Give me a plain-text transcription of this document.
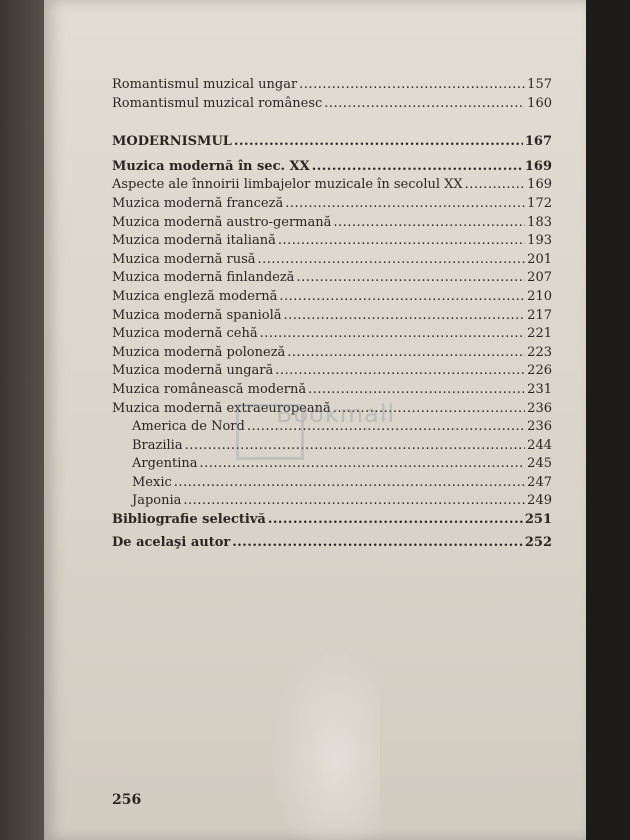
Romantismul muzical ungar .....	157
Romantismul muzical românesc .....	160
MODERNISMUL .....	167
Muzica modernă în sec. XX .....	169
Aspecte ale înnoirii limbajelor muzicale în secolul XX .....	169
Muzica modernă franceză .....	172
Muzica modernă austro-germană .....	183
Muzica modernă italiană .....	193
Muzica modernă rusă .....	201
Muzica modernă finlandeză .....	207
Muzica engleză modernă .....	210
Muzica modernă spaniolă .....	217
Muzica modernă cehă .....	221
Muzica modernă poloneză .....	223
Muzica modernă ungară .....	226
Muzica românească modernă .....	231
Muzica modernă extraeuropeană .....	236
America de Nord .....	236
Brazilia .....	244
Argentina .....	245
Mexic .....	247
Japonia .....	249
Bibliografie selectivă .....	251
De acelaşi autor .....	252
Bookmall
256
